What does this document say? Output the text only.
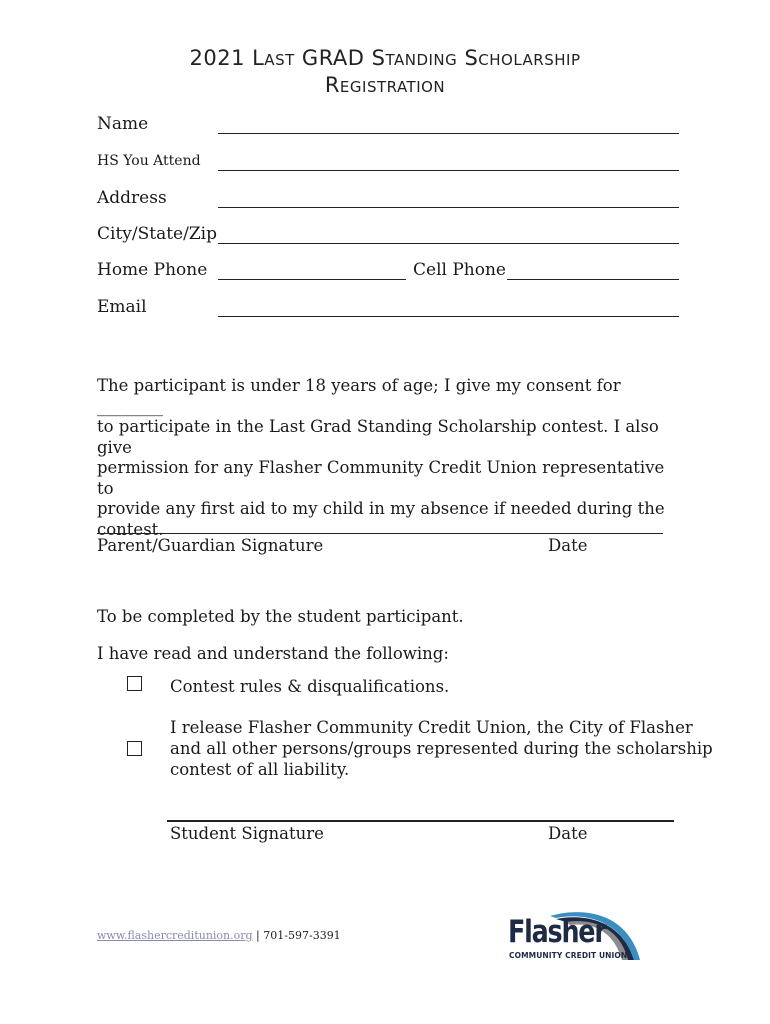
2021 Last GRAD Standing Scholarship
Registration
Name
HS You Attend
Address
City/State/Zip
Home Phone	Cell Phone
Email
The participant is under 18 years of age; I give my consent for ________
to participate in the Last Grad Standing Scholarship contest. I also give
permission for any Flasher Community Credit Union representative to
provide any first aid to my child in my absence if needed during the
contest.
Parent/Guardian Signature	Date
To be completed by the student participant.
I have read and understand the following:
Contest rules & disqualifications.
I release Flasher Community Credit Union, the City of Flasher
and all other persons/groups represented during the scholarship
contest of all liability.
Student Signature	Date
www.flashercreditunion.org | 701-597-3391	Flasher
COMMUNITY CREDIT UNION
